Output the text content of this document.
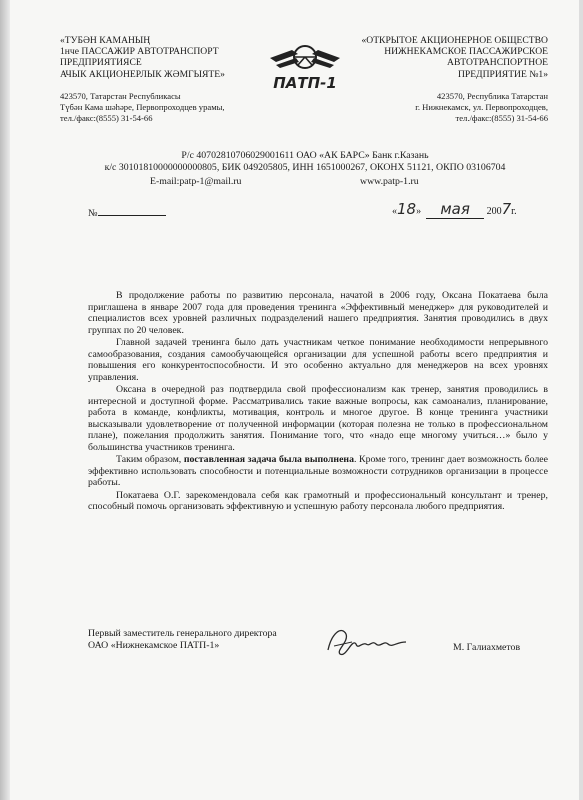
«ТУБӘН КАМАНЫҢ
1нче ПАССАЖИР АВТОТРАНСПОРТ
ПРЕДПРИЯТИЯСЕ
АЧЫК АКЦИОНЕРЛЫК ЖӘМГЫЯТЕ»
423570, Татарстан Республикасы
Түбән Кама шәһәре, Первопроходцев урамы,
тел./факс:(8555) 31-54-66
ПАТП-1
«ОТКРЫТОЕ АКЦИОНЕРНОЕ ОБЩЕСТВО
НИЖНЕКАМСКОЕ ПАССАЖИРСКОЕ
АВТОТРАНСПОРТНОЕ
ПРЕДПРИЯТИЕ №1»
423570, Республика Татарстан
г. Нижнекамск, ул. Первопроходцев,
тел./факс:(8555) 31-54-66
Р/с 40702810706029001611 ОАО «АК БАРС» Банк г.Казань
к/с 30101810000000000805, БИК 049205805, ИНН 1651000267, ОКОНХ 51121, ОКПО 03106704
E-mail:patp-1@mail.ru	www.patp-1.ru
№	«18» мая 2007г.

В продолжение работы по развитию персонала, начатой в 2006 году, Оксана Покатаева была приглашена в январе 2007 года для проведения тренинга «Эффективный менеджер» для руководителей и специалистов всех уровней различных подразделений нашего предприятия. Занятия проводились в двух группах по 20 человек.

Главной задачей тренинга было дать участникам четкое понимание необходимости непрерывного самообразования, создания самообучающейся организации для успешной работы всего предприятия и повышения его конкурентоспособности. И это особенно актуально для менеджеров на всех уровнях управления.

Оксана в очередной раз подтвердила свой профессионализм как тренер, занятия проводились в интересной и доступной форме. Рассматривались такие важные вопросы, как самоанализ, планирование, работа в команде, конфликты, мотивация, контроль и многое другое. В конце тренинга участники высказывали удовлетворение от полученной информации (которая полезна не только в профессиональном плане), пожелания продолжить занятия. Понимание того, что «надо еще многому учиться…» было у большинства участников тренинга.

Таким образом, поставленная задача была выполнена. Кроме того, тренинг дает возможность более эффективно использовать способности и потенциальные возможности сотрудников организации в процессе работы.

Покатаева О.Г. зарекомендовала себя как грамотный и профессиональный консультант и тренер, способный помочь организовать эффективную и успешную работу персонала любого предприятия.

Первый заместитель генерального директора
ОАО «Нижнекамское ПАТП-1»	М. Галиахметов
